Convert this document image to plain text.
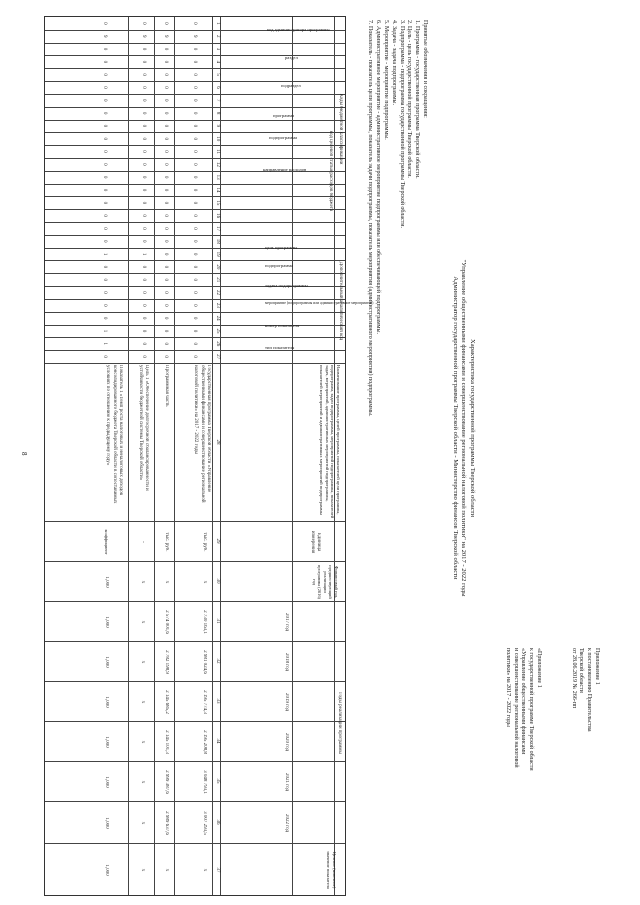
8
Приложение 1
к постановлению Правительства
Тверской области
от 28.06.2019 № 266-пп
«Приложение 1
к государственной программе Тверской области
«Управление общественными финансами
и совершенствование региональной налоговой
политики» на 2017 - 2022 годы
Характеристика государственной программы Тверской области
"Управление общественными финансами и совершенствование региональной налоговой политики" на 2017 - 2022 годы
Администратор государственной программы Тверской области - Министерство финансов Тверской области
Принятые обозначения и сокращения:
1. Программа - государственная программа Тверской области.
2. Цель - цель государственной программы Тверской области.
3. Подпрограмма - подпрограмма государственной программы Тверской области.
4. Задача - задача подпрограммы.
5. Мероприятие - мероприятие подпрограммы.
6. Административное мероприятие - административное мероприятие подпрограммы или обеспечивающей подпрограммы.
7. Показатель - показатель цели программы, показатель задачи подпрограммы, показатель мероприятия (административного мероприятия) подпрограммы.
Коды бюджетной классификации
код целевой статьи расходов бюджета
Дополнительный аналитический код
Наименование программы, целей программы, показателей цели программы, подпрограмм, задач подпрограммы, мероприятий подпрограммы, показателей задач, мероприятий, административных мероприятий подпрограммы, показателей мероприятий и административных мероприятий подпрограммы
Единица измерения
Финансовый год, предшествующий реализации программы (2016) год
Годы реализации программы
Целевое (конечное) значение показателя
код администратора программы
раздел
подраздел
программа
подпрограмма
направление расходов
цель программы
подпрограмма
задача подпрограммы
мероприятие (подпрограммы или административное мероприятие)
номер показателя
тип показателя
2017 год
2018 год
2019 год
2020 год
2021 год
2022 год
1
2
3
4
5
6
7
8
9
10
11
12
13
14
15
16
17
18
19
20
21
22
23
24
25
26
27
28
29
30
31
32
33
34
35
36
37
0
9
0
0
0
0
0
0
0
0
0
0
0
0
0
0
0
0
0
0
0
0
0
0
0
0
0
0
9
0
0
0
0
0
0
0
0
0
0
0
0
0
0
0
0
0
0
0
0
0
0
0
0
0
0
9
0
0
0
0
0
0
0
0
0
0
0
0
0
0
0
0
1
0
0
0
0
0
0
0
0
0
9
0
0
0
0
0
0
0
0
0
0
0
0
0
0
0
0
1
0
0
0
0
0
1
1
0
Государственная программа Тверской области «Управление общественными финансами и совершенствование региональной налоговой политики» на 2017 - 2022 годы
тыс. руб.
х
2 730 163,1
2 981 024,6
2 195 774,3
2 195 208,8
3 048 793,1
3 007 293,5
х
Программная часть
тыс. руб.
х
2 574 001,6
2 782 198,9
2 145 685,2
2 145 101,3
2 999 387,6
2 989 637,6
х
Цель 1 «Обеспечение долгосрочной сбалансированности и устойчивости бюджетной системы Тверской области»
-
х
х
х
х
х
х
х
х
Показатель 1 «Темп роста налоговых и неналоговых доходов консолидированного бюджета Тверской области в сопоставимых условиях по отношению к предыдущему году»
коэффициент
1,000
1,000
1,000
1,000
1,000
1,000
1,000
1,000
